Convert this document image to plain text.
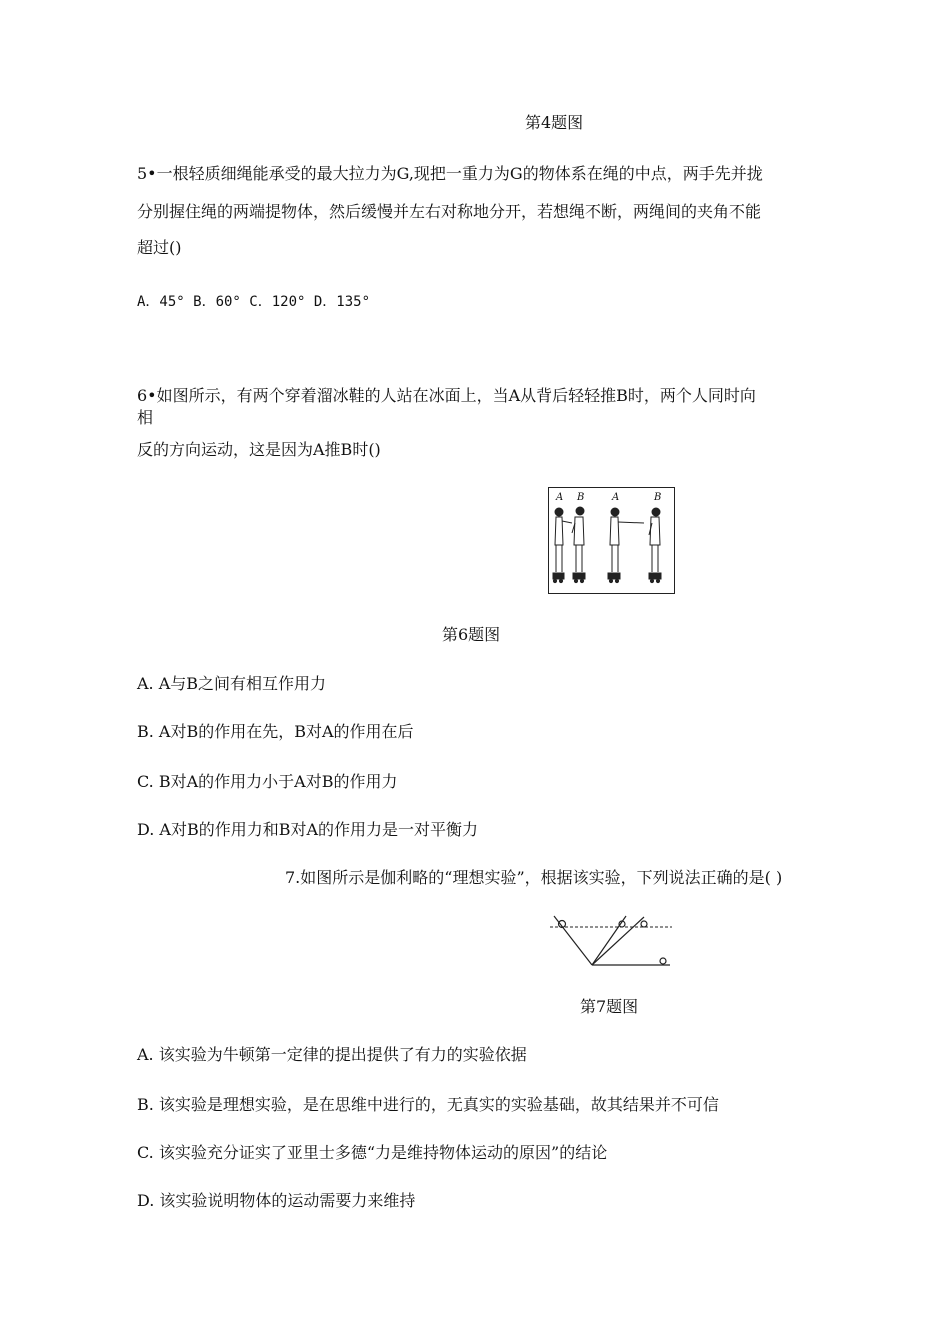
第4题图
5•一根轻质细绳能承受的最大拉力为G,现把一重力为G的物体系在绳的中点，两手先并拢
分别握住绳的两端提物体，然后缓慢并左右对称地分开，若想绳不断，两绳间的夹角不能
超过()
A．45° B．60° C．120° D．135°
6•如图所示，有两个穿着溜冰鞋的人站在冰面上，当A从背后轻轻推B时，两个人同时向
相
反的方向运动，这是因为A推B时()
A B	A	B
第6题图
A. A与B之间有相互作用力
B. A对B的作用在先，B对A的作用在后
C. B对A的作用力小于A对B的作用力
D. A对B的作用力和B对A的作用力是一对平衡力
7.如图所示是伽利略的“理想实验”，根据该实验，下列说法正确的是( )
第7题图
A. 该实验为牛顿第一定律的提出提供了有力的实验依据
B. 该实验是理想实验，是在思维中进行的，无真实的实验基础，故其结果并不可信
C. 该实验充分证实了亚里士多德“力是维持物体运动的原因”的结论
D. 该实验说明物体的运动需要力来维持
